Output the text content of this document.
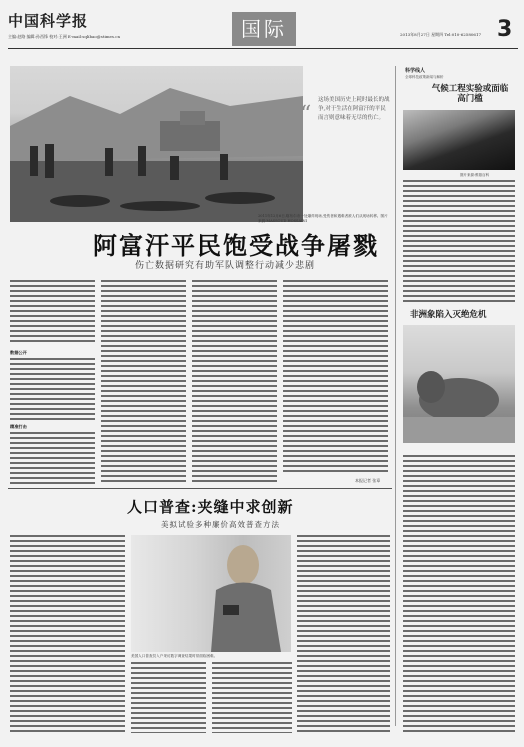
中国科学报
主编:赵路 编辑:孙西锋 校对:王洲 E-mail:sqlibao@stimes.cn	国际	2013年8月27日 星期四 Tel:010-62580617 3
“
这场美国历史上耗时最长的战争,对于生活在阿富汗的平民而言则意味着无尽的伤亡。
2011年12月6日,喀布尔市一处爆炸现场,受伤者和遇难者被人们从现场转移。图片来源:MASSOUD HOSSAINI
阿富汗平民饱受战争屠戮
伤亡数据研究有助军队调整行动减少悲剧
数据公开
精准打击
本报记者 张章
科学线人
全球科技政策新闻与解析
气候工程实验或面临高门槛
图片来源:维基百科
非洲象陷入灭绝危机
人口普查:夹缝中求创新
美拟试验多种廉价高效普查方法
美国人口普查员入户采访数字调查结果时常面临困难。
